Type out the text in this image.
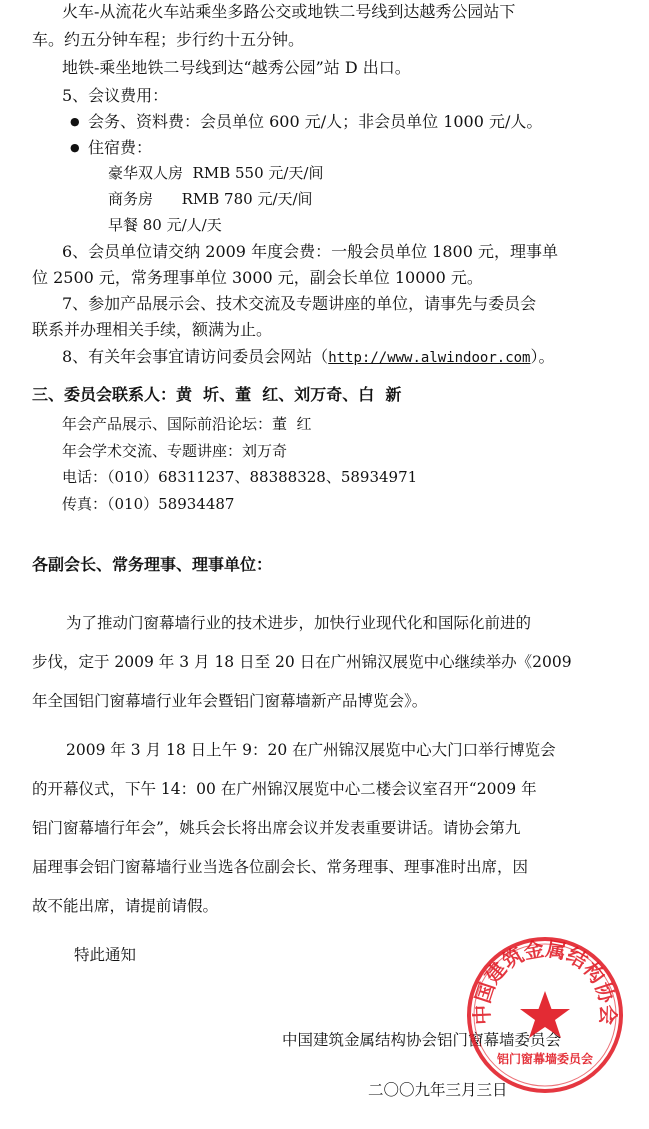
火车-从流花火车站乘坐多路公交或地铁二号线到达越秀公园站下
车。约五分钟车程；步行约十五分钟。
地铁-乘坐地铁二号线到达“越秀公园”站 D 出口。
5、会议费用：
● 会务、资料费：会员单位 600 元/人；非会员单位 1000 元/人。
● 住宿费：
豪华双人房  RMB 550 元/天/间
商务房      RMB 780 元/天/间
早餐 80 元/人/天
6、会员单位请交纳 2009 年度会费：一般会员单位 1800 元，理事单
位 2500 元，常务理事单位 3000 元，副会长单位 10000 元。
7、参加产品展示会、技术交流及专题讲座的单位，请事先与委员会
联系并办理相关手续，额满为止。
8、有关年会事宜请访问委员会网站（http://www.alwindoor.com）。
三、委员会联系人：黄  圻、董  红、刘万奇、白  新
年会产品展示、国际前沿论坛：董  红
年会学术交流、专题讲座：刘万奇
电话：（010）68311237、88388328、58934971
传真：（010）58934487
各副会长、常务理事、理事单位：
为了推动门窗幕墙行业的技术进步，加快行业现代化和国际化前进的
步伐，定于 2009 年 3 月 18 日至 20 日在广州锦汉展览中心继续举办《2009
年全国铝门窗幕墙行业年会暨铝门窗幕墙新产品博览会》。
2009 年 3 月 18 日上午 9：20 在广州锦汉展览中心大门口举行博览会
的开幕仪式，下午 14：00 在广州锦汉展览中心二楼会议室召开“2009 年
铝门窗幕墙行年会”，姚兵会长将出席会议并发表重要讲话。请协会第九
届理事会铝门窗幕墙行业当选各位副会长、常务理事、理事准时出席，因
故不能出席，请提前请假。
特此通知
中国建筑金属结构协会铝门窗幕墙委员会
二〇〇九年三月三日
中国建筑金属结构协会
铝门窗幕墙委员会
